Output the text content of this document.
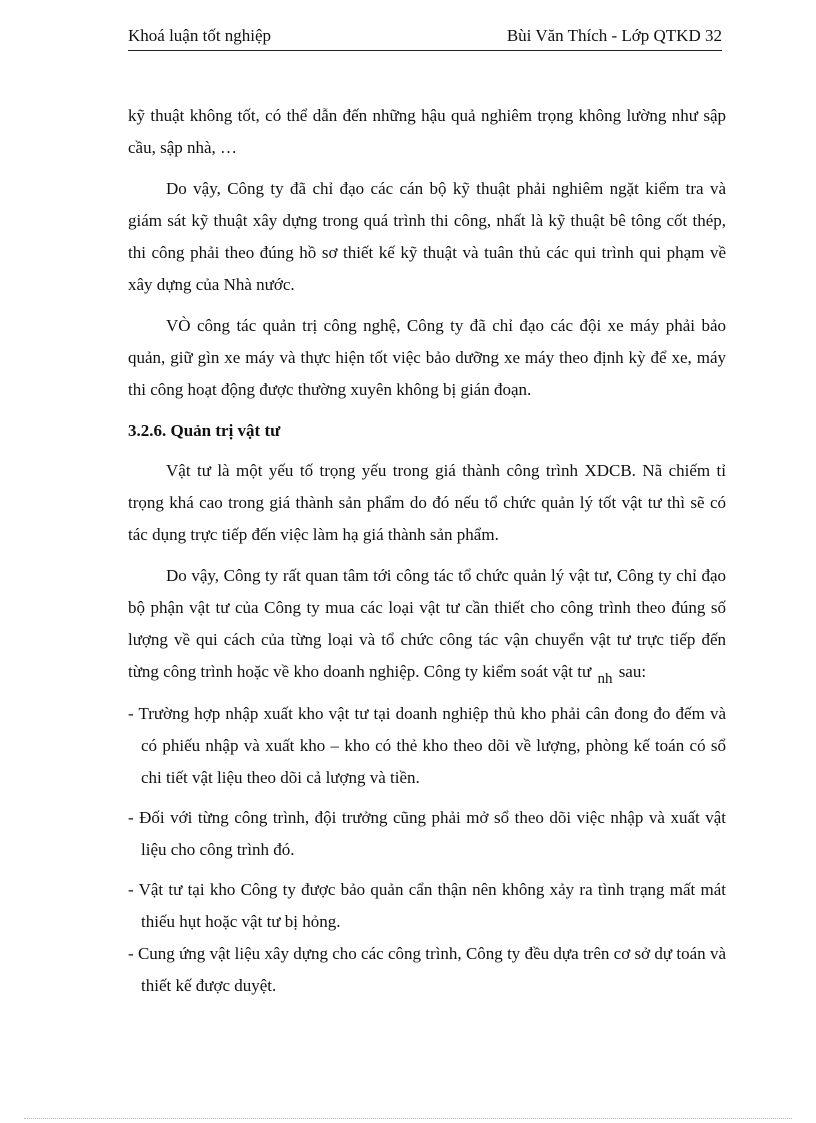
Khoá luận tốt nghiệp	Bùi Văn Thích - Lớp QTKD 32

kỹ thuật không tốt, có thể dẫn đến những hậu quả nghiêm trọng không lường như sập cầu, sập nhà, …

Do vậy, Công ty đã chỉ đạo các cán bộ kỹ thuật phải nghiêm ngặt kiểm tra và giám sát kỹ thuật xây dựng trong quá trình thi công, nhất là kỹ thuật bê tông cốt thép, thi công phải theo đúng hồ sơ thiết kế kỹ thuật và tuân thủ các qui trình qui phạm về xây dựng của Nhà nước.

VÒ công tác quản trị công nghệ, Công ty đã chỉ đạo các đội xe máy phải bảo quản, giữ gìn xe máy và thực hiện tốt việc bảo dưỡng xe máy theo định kỳ để xe, máy thi công hoạt động được thường xuyên không bị gián đoạn.

3.2.6. Quản trị vật tư

Vật tư là một yếu tố trọng yếu trong giá thành công trình XDCB. Nã chiếm tỉ trọng khá cao trong giá thành sản phẩm do đó nếu tổ chức quản lý tốt vật tư thì sẽ có tác dụng trực tiếp đến việc làm hạ giá thành sản phẩm.

Do vậy, Công ty rất quan tâm tới công tác tổ chức quản lý vật tư, Công ty chỉ đạo bộ phận vật tư của Công ty mua các loại vật tư cần thiết cho công trình theo đúng số lượng về qui cách của từng loại và tổ chức công tác vận chuyển vật tư trực tiếp đến từng công trình hoặc về kho doanh nghiệp. Công ty kiểm soát vật tư nh sau:

- Trường hợp nhập xuất kho vật tư tại doanh nghiệp thủ kho phải cân đong đo đếm và có phiếu nhập và xuất kho – kho có thẻ kho theo dõi về lượng, phòng kế toán có sổ chi tiết vật liệu theo dõi cả lượng và tiền.
- Đối với từng công trình, đội trưởng cũng phải mở sổ theo dõi việc nhập và xuất vật liệu cho công trình đó.
- Vật tư tại kho Công ty được bảo quản cẩn thận nên không xảy ra tình trạng mất mát thiếu hụt hoặc vật tư bị hỏng.
- Cung ứng vật liệu xây dựng cho các công trình, Công ty đều dựa trên cơ sở dự toán và thiết kế được duyệt.
